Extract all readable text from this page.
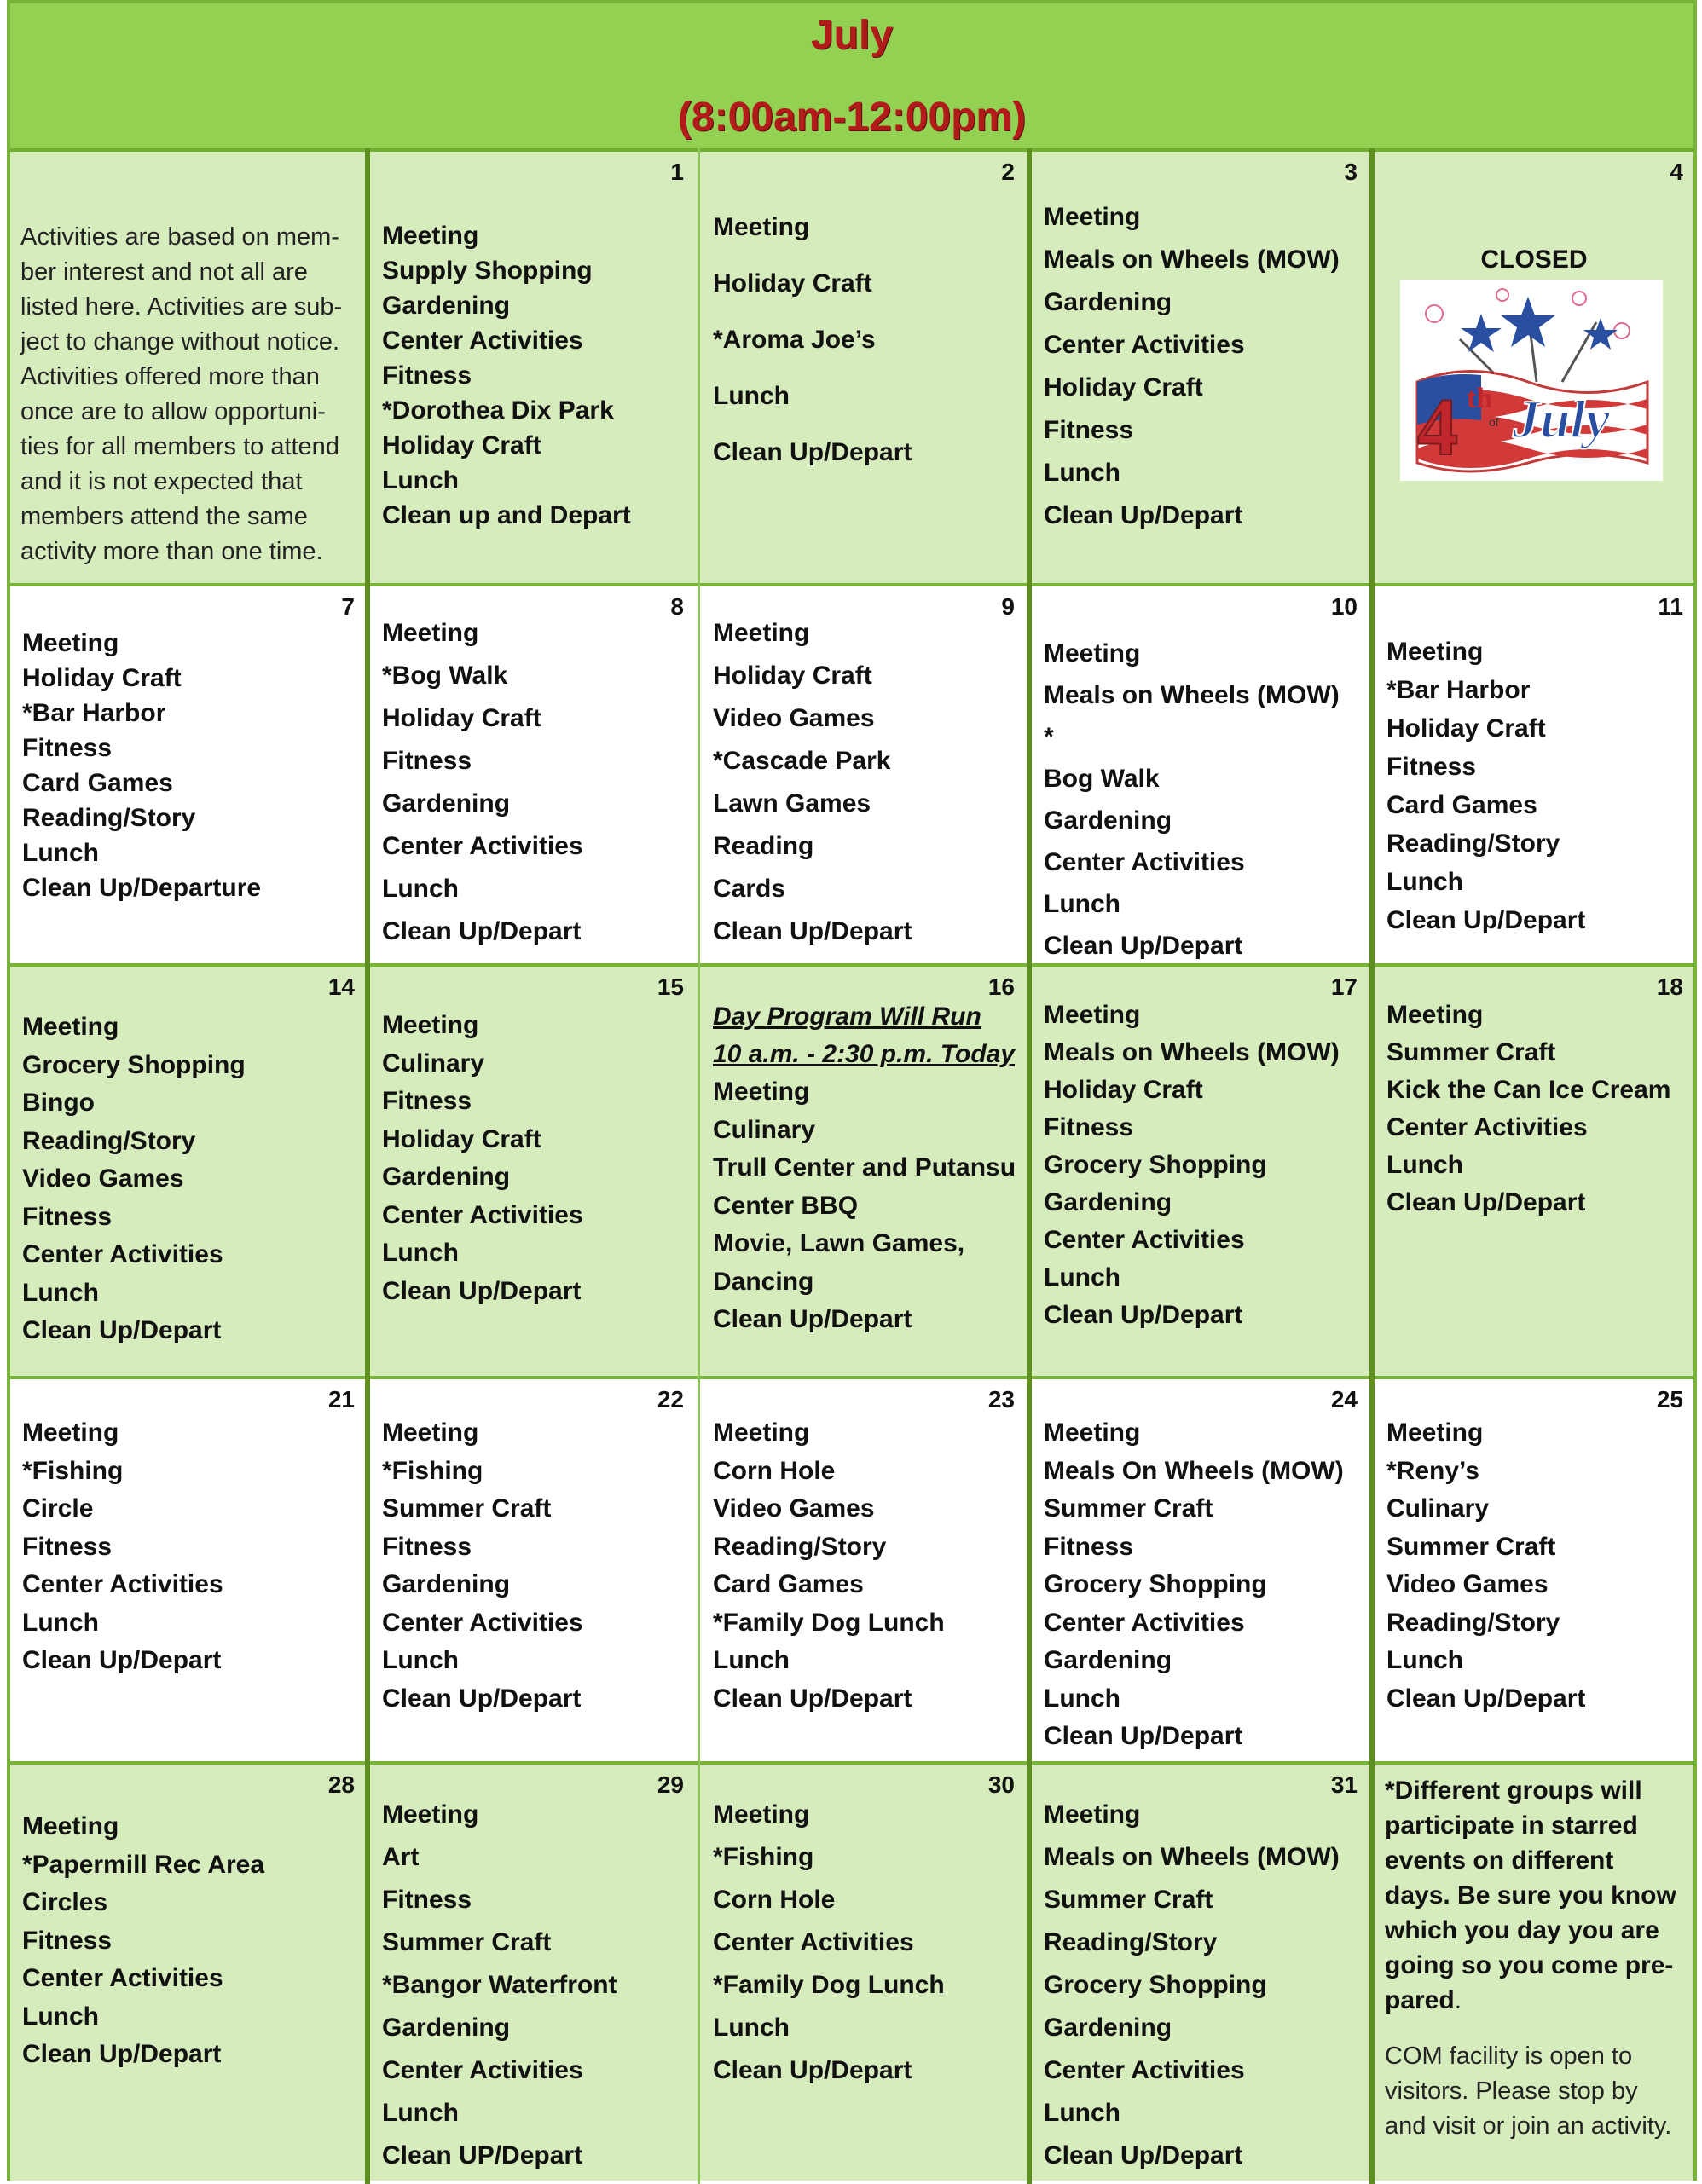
July
(8:00am-12:00pm)
Activities are based on mem-
ber interest and not all are
listed here. Activities are sub-
ject to change without notice.
Activities offered more than
once are to allow opportuni-
ties for all members to attend
and it is not expected that
members attend the same
activity more than one time.
1
Meeting
Supply Shopping
Gardening
Center Activities
Fitness
*Dorothea Dix Park
Holiday Craft
Lunch
Clean up and Depart
2
Meeting
Holiday Craft
*Aroma Joe’s
Lunch
Clean Up/Depart
3
Meeting
Meals on Wheels (MOW)
Gardening
Center Activities
Holiday Craft
Fitness
Lunch
Clean Up/Depart
4
CLOSED
4 th
of July
7
Meeting
Holiday Craft
*Bar Harbor
Fitness
Card Games
Reading/Story
Lunch
Clean Up/Departure
8
Meeting
*Bog Walk
Holiday Craft
Fitness
Gardening
Center Activities
Lunch
Clean Up/Depart
9
Meeting
Holiday Craft
Video Games
*Cascade Park
Lawn Games
Reading
Cards
Clean Up/Depart
10
Meeting
Meals on Wheels (MOW)
*
Bog Walk
Gardening
Center Activities
Lunch
Clean Up/Depart
11
Meeting
*Bar Harbor
Holiday Craft
Fitness
Card Games
Reading/Story
Lunch
Clean Up/Depart
14
Meeting
Grocery Shopping
Bingo
Reading/Story
Video Games
Fitness
Center Activities
Lunch
Clean Up/Depart
15
Meeting
Culinary
Fitness
Holiday Craft
Gardening
Center Activities
Lunch
Clean Up/Depart
16
Day Program Will Run
10 a.m. - 2:30 p.m. Today
Meeting
Culinary
Trull Center and Putansu
Center BBQ
Movie, Lawn Games,
Dancing
Clean Up/Depart
17
Meeting
Meals on Wheels (MOW)
Holiday Craft
Fitness
Grocery Shopping
Gardening
Center Activities
Lunch
Clean Up/Depart
18
Meeting
Summer Craft
Kick the Can Ice Cream
Center Activities
Lunch
Clean Up/Depart
21
Meeting
*Fishing
Circle
Fitness
Center Activities
Lunch
Clean Up/Depart
22
Meeting
*Fishing
Summer Craft
Fitness
Gardening
Center Activities
Lunch
Clean Up/Depart
23
Meeting
Corn Hole
Video Games
Reading/Story
Card Games
*Family Dog Lunch
Lunch
Clean Up/Depart
24
Meeting
Meals On Wheels (MOW)
Summer Craft
Fitness
Grocery Shopping
Center Activities
Gardening
Lunch
Clean Up/Depart
25
Meeting
*Reny’s
Culinary
Summer Craft
Video Games
Reading/Story
Lunch
Clean Up/Depart
28
Meeting
*Papermill Rec Area
Circles
Fitness
Center Activities
Lunch
Clean Up/Depart
29
Meeting
Art
Fitness
Summer Craft
*Bangor Waterfront
Gardening
Center Activities
Lunch
Clean UP/Depart
30
Meeting
*Fishing
Corn Hole
Center Activities
*Family Dog Lunch
Lunch
Clean Up/Depart
31
Meeting
Meals on Wheels (MOW)
Summer Craft
Reading/Story
Grocery Shopping
Gardening
Center Activities
Lunch
Clean Up/Depart
*Different groups will
participate in starred
events on different
days. Be sure you know
which you day you are
going so you come pre-
pared.
COM facility is open to
visitors. Please stop by
and visit or join an activity.
